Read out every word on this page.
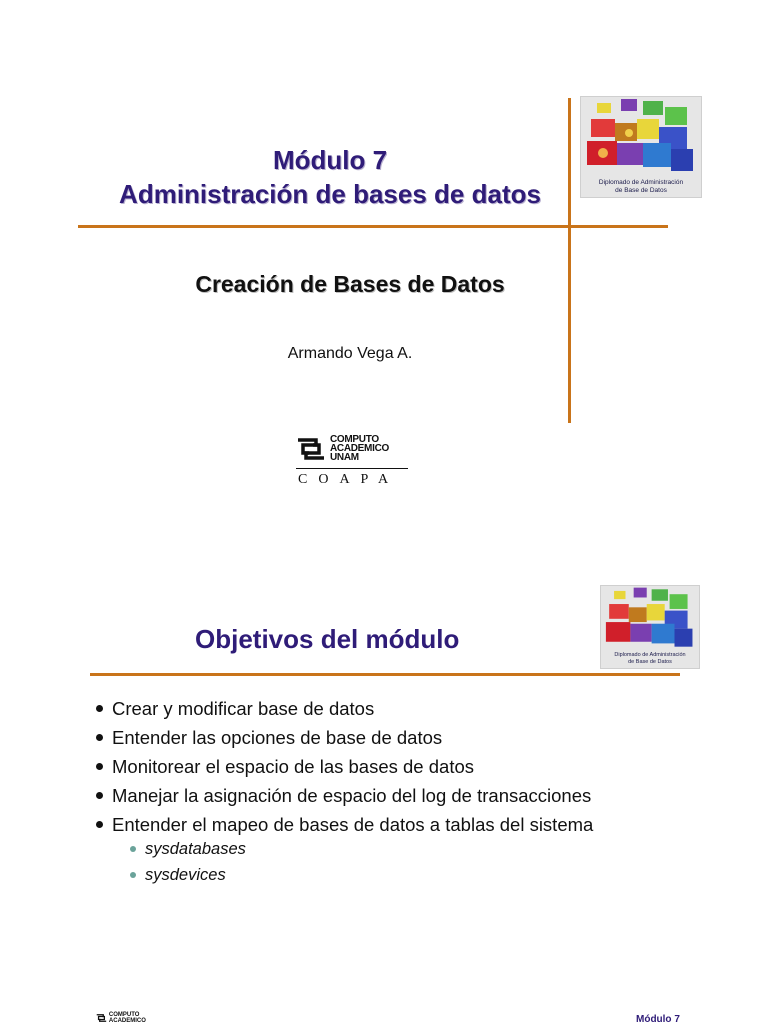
Módulo 7
Administración de bases de datos	Diplomado de Administración
de Base de Datos
Creación de Bases de Datos
Armando Vega A.
COMPUTO
ACADEMICO
UNAM
COAPA
Diplomado de Administración
de Base de Datos
Objetivos del módulo
Crear y modificar base de datos
Entender las opciones de base de datos
Monitorear el espacio de las bases de datos
Manejar la asignación de espacio del log de transacciones
Entender el mapeo de bases de datos a tablas del sistema
sysdatabases
sysdevices
COMPUTO ACADEMICO	Módulo 7
